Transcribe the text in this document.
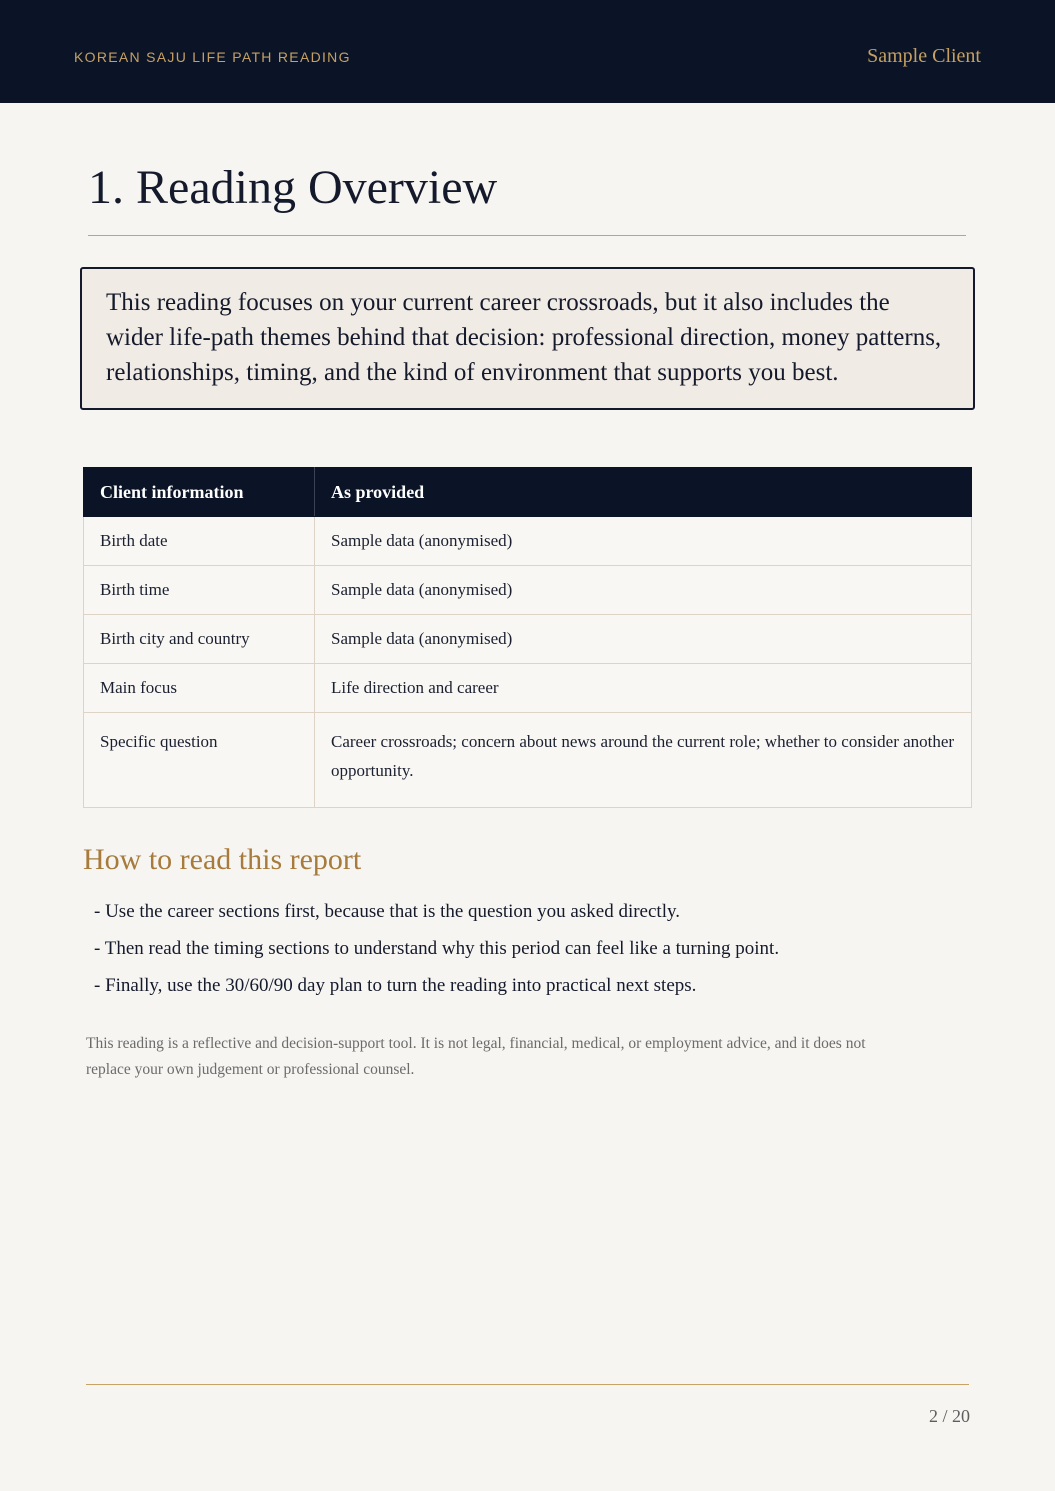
KOREAN SAJU LIFE PATH READING	Sample Client
1. Reading Overview
This reading focuses on your current career crossroads, but it also includes the wider life-path themes behind that decision: professional direction, money patterns, relationships, timing, and the kind of environment that supports you best.
Client information	As provided
Birth date	Sample data (anonymised)
Birth time	Sample data (anonymised)
Birth city and country	Sample data (anonymised)
Main focus	Life direction and career
Specific question	Career crossroads; concern about news around the current role; whether to consider another opportunity.
How to read this report
- Use the career sections first, because that is the question you asked directly.
- Then read the timing sections to understand why this period can feel like a turning point.
- Finally, use the 30/60/90 day plan to turn the reading into practical next steps.

This reading is a reflective and decision-support tool. It is not legal, financial, medical, or employment advice, and it does not replace your own judgement or professional counsel.

2 / 20
